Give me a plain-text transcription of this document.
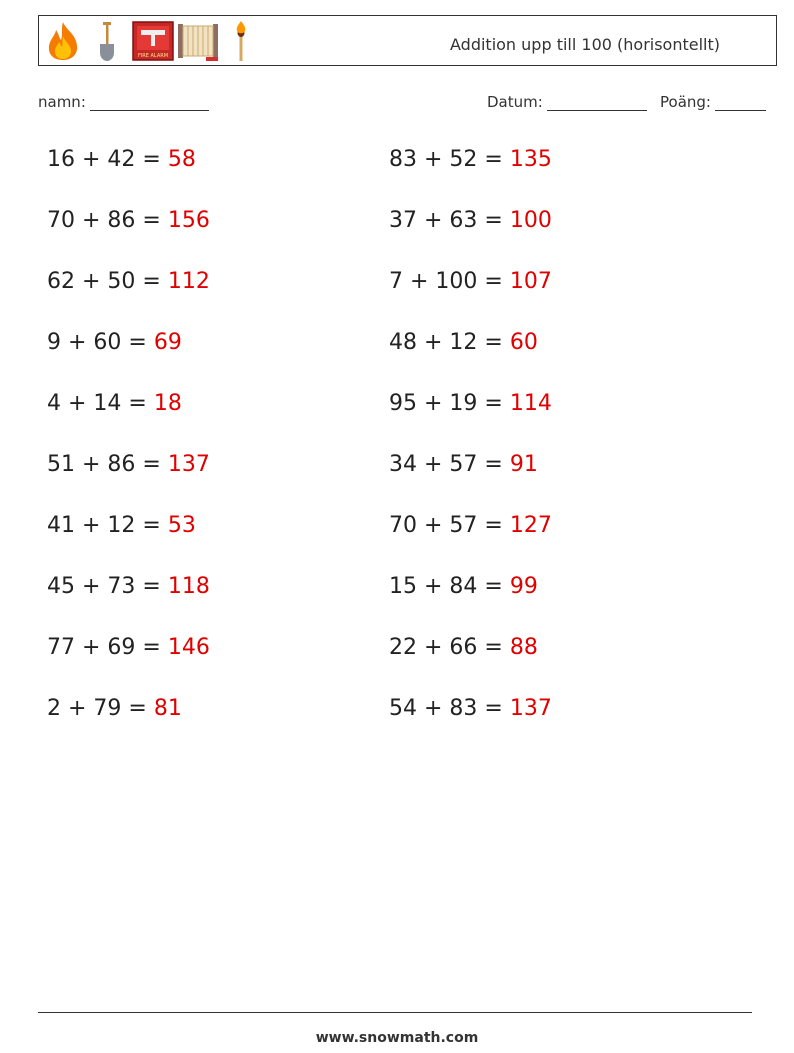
FIRE ALARM
Addition upp till 100 (horisontellt)
namn:	Datum:	Poäng:
16 + 42 = 58
70 + 86 = 156
62 + 50 = 112
9 + 60 = 69
4 + 14 = 18
51 + 86 = 137
41 + 12 = 53
45 + 73 = 118
77 + 69 = 146
2 + 79 = 81
83 + 52 = 135
37 + 63 = 100
7 + 100 = 107
48 + 12 = 60
95 + 19 = 114
34 + 57 = 91
70 + 57 = 127
15 + 84 = 99
22 + 66 = 88
54 + 83 = 137
www.snowmath.com
